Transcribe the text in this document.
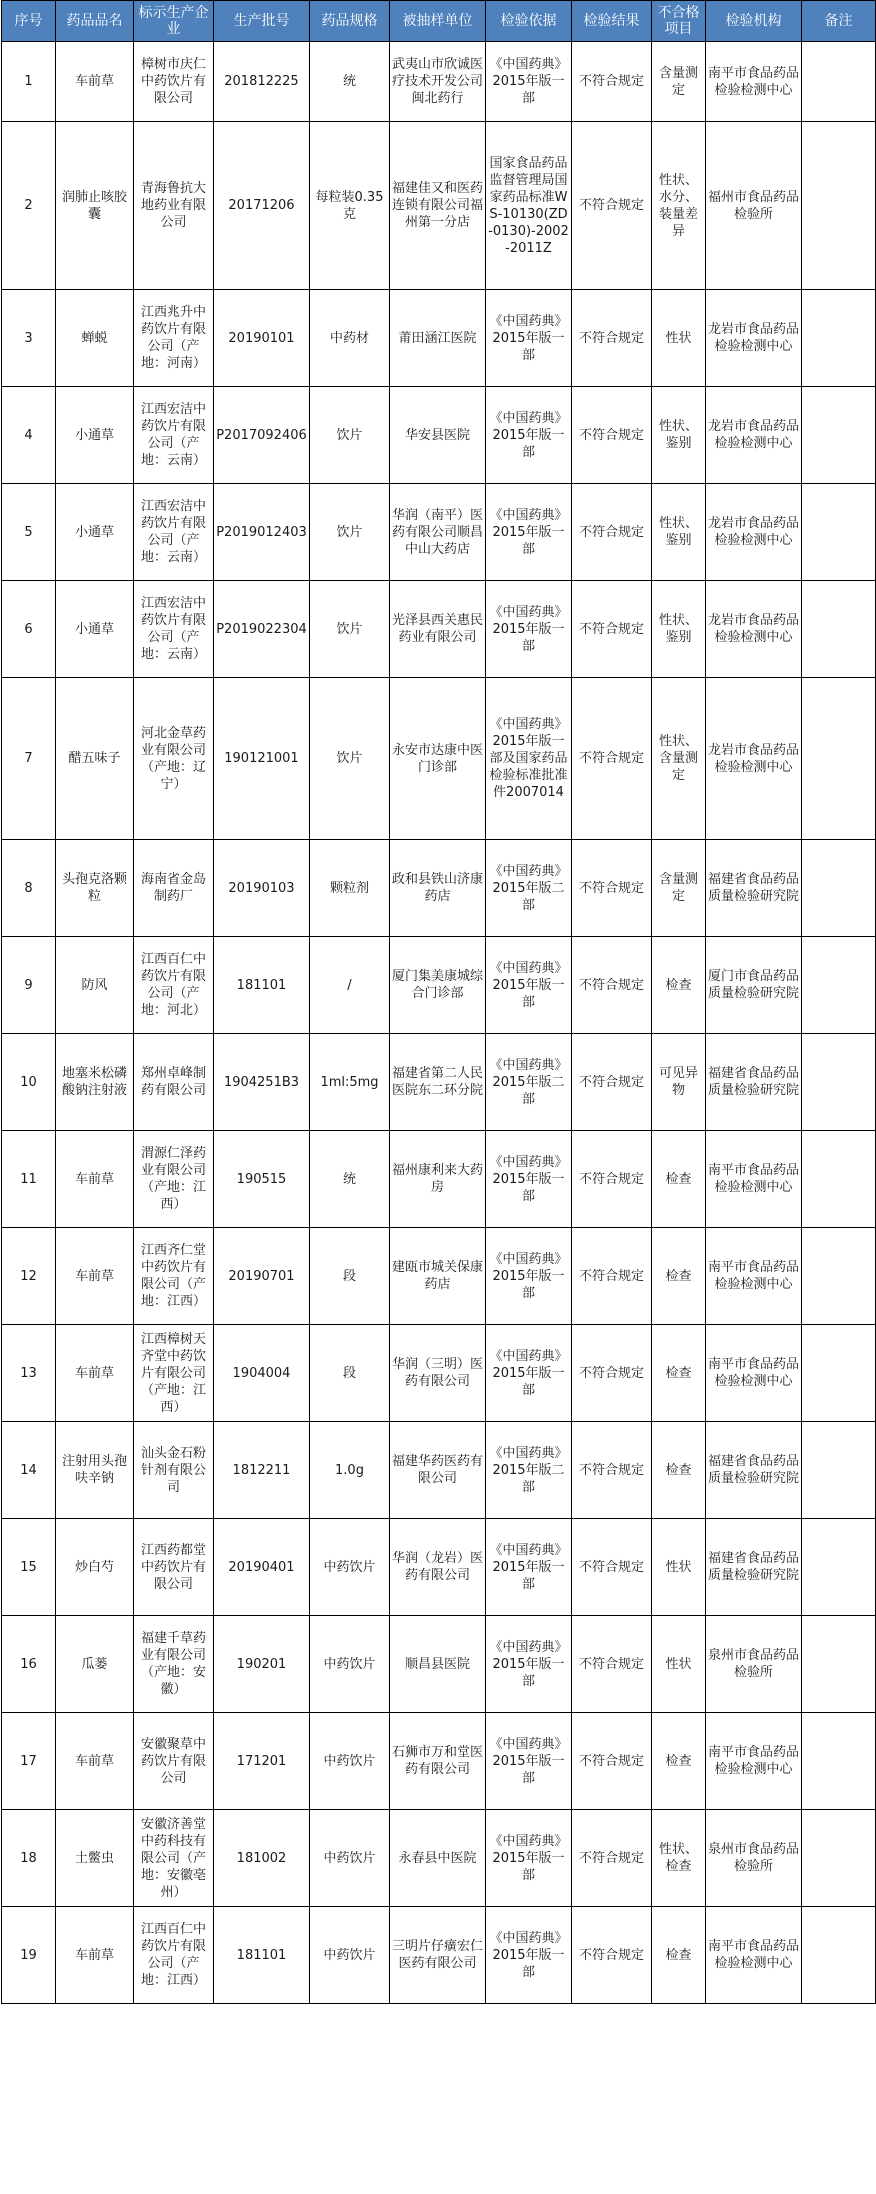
序号	药品品名	标示生产企业	生产批号	药品规格	被抽样单位	检验依据	检验结果	不合格项目	检验机构	备注
1	车前草	樟树市庆仁中药饮片有限公司	201812225	统	武夷山市欣诚医疗技术开发公司闽北药行	《中国药典》2015年版一部	不符合规定	含量测定	南平市食品药品检验检测中心	
2	润肺止咳胶囊	青海鲁抗大地药业有限公司	20171206	每粒装0.35克	福建佳又和医药连锁有限公司福州第一分店	国家食品药品监督管理局国家药品标准WS-10130(ZD-0130)-2002-2011Z	不符合规定	性状、水分、装量差异	福州市食品药品检验所	
3	蝉蜕	江西兆升中药饮片有限公司（产地：河南）	20190101	中药材	莆田涵江医院	《中国药典》2015年版一部	不符合规定	性状	龙岩市食品药品检验检测中心	
4	小通草	江西宏洁中药饮片有限公司（产地：云南）	P2017092406	饮片	华安县医院	《中国药典》2015年版一部	不符合规定	性状、鉴别	龙岩市食品药品检验检测中心	
5	小通草	江西宏洁中药饮片有限公司（产地：云南）	P2019012403	饮片	华润（南平）医药有限公司顺昌中山大药店	《中国药典》2015年版一部	不符合规定	性状、鉴别	龙岩市食品药品检验检测中心	
6	小通草	江西宏洁中药饮片有限公司（产地：云南）	P2019022304	饮片	光泽县西关惠民药业有限公司	《中国药典》2015年版一部	不符合规定	性状、鉴别	龙岩市食品药品检验检测中心	
7	醋五味子	河北金草药业有限公司（产地：辽宁）	190121001	饮片	永安市达康中医门诊部	《中国药典》2015年版一部及国家药品检验标准批准件2007014	不符合规定	性状、含量测定	龙岩市食品药品检验检测中心	
8	头孢克洛颗粒	海南省金岛制药厂	20190103	颗粒剂	政和县铁山济康药店	《中国药典》2015年版二部	不符合规定	含量测定	福建省食品药品质量检验研究院	
9	防风	江西百仁中药饮片有限公司（产地：河北）	181101	/	厦门集美康城综合门诊部	《中国药典》2015年版一部	不符合规定	检查	厦门市食品药品质量检验研究院	
10	地塞米松磷酸钠注射液	郑州卓峰制药有限公司	1904251B3	1ml:5mg	福建省第二人民医院东二环分院	《中国药典》2015年版二部	不符合规定	可见异物	福建省食品药品质量检验研究院	
11	车前草	渭源仁泽药业有限公司（产地：江西）	190515	统	福州康利来大药房	《中国药典》2015年版一部	不符合规定	检查	南平市食品药品检验检测中心	
12	车前草	江西齐仁堂中药饮片有限公司（产地：江西）	20190701	段	建瓯市城关保康药店	《中国药典》2015年版一部	不符合规定	检查	南平市食品药品检验检测中心	
13	车前草	江西樟树天齐堂中药饮片有限公司（产地：江西）	1904004	段	华润（三明）医药有限公司	《中国药典》2015年版一部	不符合规定	检查	南平市食品药品检验检测中心	
14	注射用头孢呋辛钠	汕头金石粉针剂有限公司	1812211	1.0g	福建华药医药有限公司	《中国药典》2015年版二部	不符合规定	检查	福建省食品药品质量检验研究院	
15	炒白芍	江西药都堂中药饮片有限公司	20190401	中药饮片	华润（龙岩）医药有限公司	《中国药典》2015年版一部	不符合规定	性状	福建省食品药品质量检验研究院	
16	瓜蒌	福建千草药业有限公司（产地：安徽）	190201	中药饮片	顺昌县医院	《中国药典》2015年版一部	不符合规定	性状	泉州市食品药品检验所	
17	车前草	安徽聚草中药饮片有限公司	171201	中药饮片	石狮市万和堂医药有限公司	《中国药典》2015年版一部	不符合规定	检查	南平市食品药品检验检测中心	
18	土鳖虫	安徽济善堂中药科技有限公司（产地：安徽亳州）	181002	中药饮片	永春县中医院	《中国药典》2015年版一部	不符合规定	性状、检查	泉州市食品药品检验所	
19	车前草	江西百仁中药饮片有限公司（产地：江西）	181101	中药饮片	三明片仔癀宏仁医药有限公司	《中国药典》2015年版一部	不符合规定	检查	南平市食品药品检验检测中心	
